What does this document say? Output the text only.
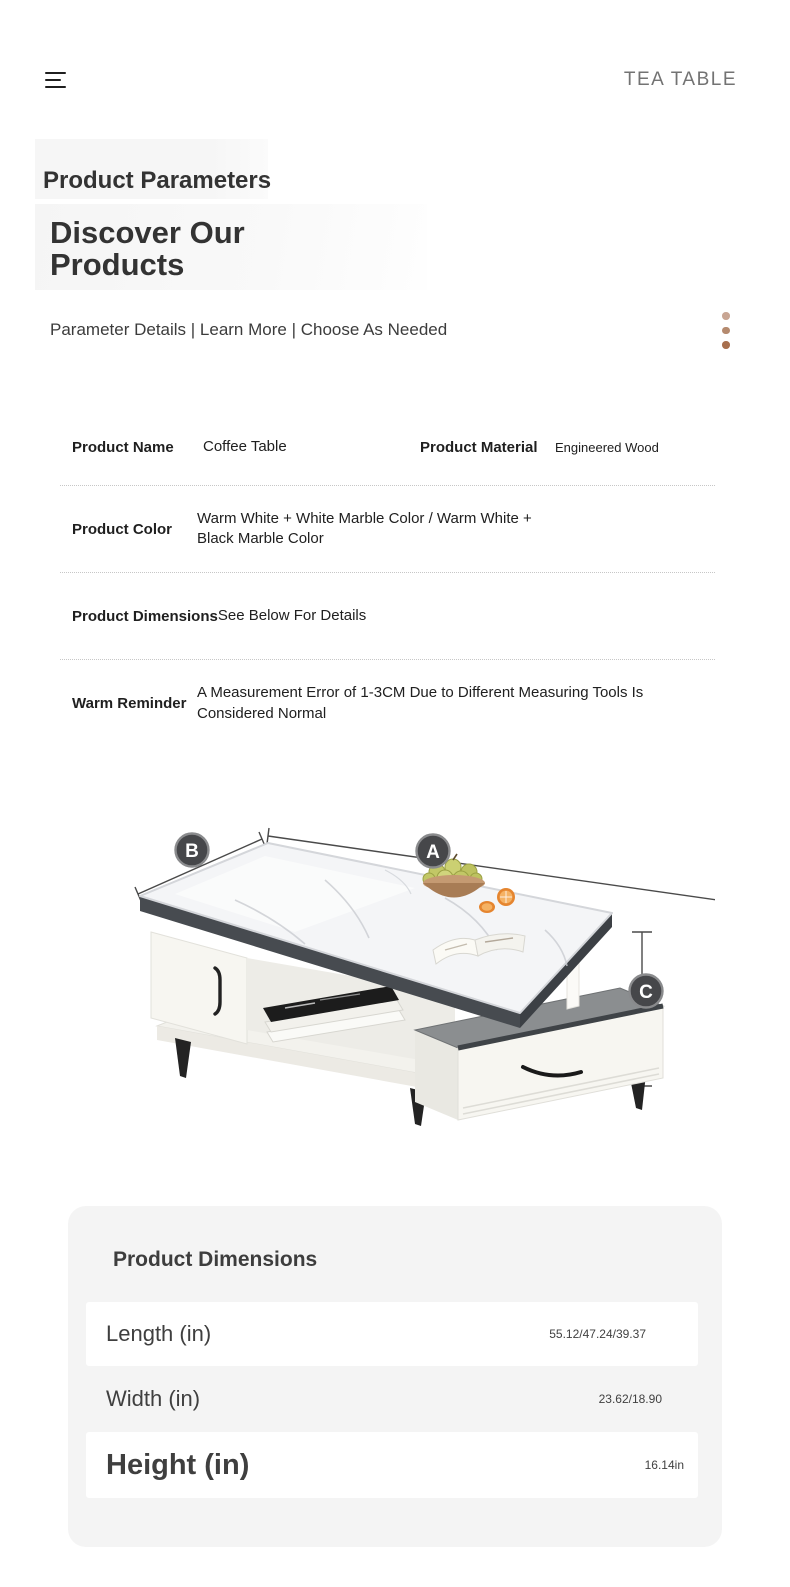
TEA TABLE
Product Parameters
Discover Our Products
Parameter Details | Learn More | Choose As Needed
Product Name	Coffee Table	Product Material	Engineered Wood
Product Color
Warm White + White Marble Color / Warm White + Black Marble Color
Product Dimensions See Below For Details
Warm Reminder
A Measurement Error of 1-3CM Due to Different Measuring Tools Is Considered Normal
B	A
C
Product Dimensions
Length (in)	55.12/47.24/39.37
Width (in)	23.62/18.90
Height (in)	16.14in
